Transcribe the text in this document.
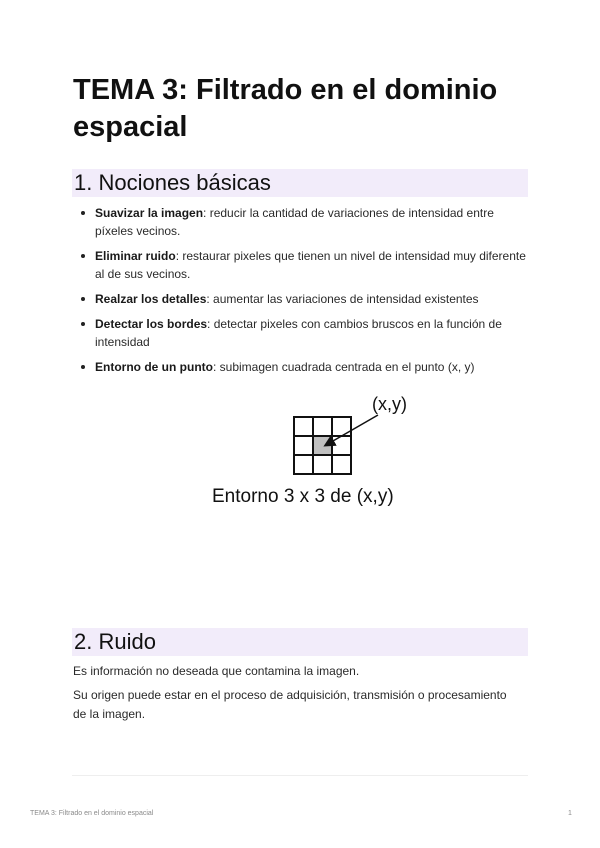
TEMA 3: Filtrado en el dominio espacial
1. Nociones básicas
Suavizar la imagen: reducir la cantidad de variaciones de intensidad entre píxeles vecinos.
Eliminar ruido: restaurar pixeles que tienen un nivel de intensidad muy diferente al de sus vecinos.
Realzar los detalles: aumentar las variaciones de intensidad existentes
Detectar los bordes: detectar pixeles con cambios bruscos en la función de intensidad
Entorno de un punto: subimagen cuadrada centrada en el punto (x, y)
(x,y)
Entorno 3 x 3 de (x,y)
2. Ruido

Es información no deseada que contamina la imagen.

Su origen puede estar en el proceso de adquisición, transmisión o procesamiento de la imagen.

TEMA 3: Filtrado en el dominio espacial	1
